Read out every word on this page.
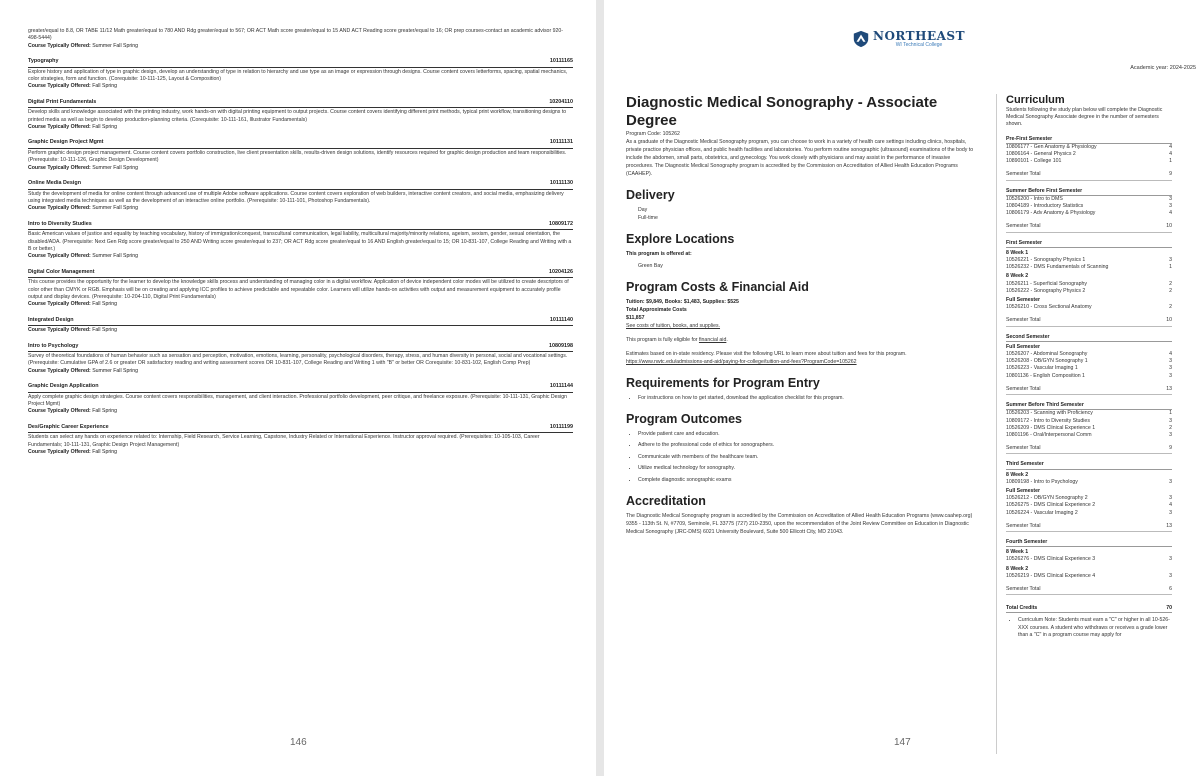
greater/equal to 8.8, OR TABE 11/12 Math greater/equal to 780 AND Rdg greater/equal to 567; OR ACT Math score greater/equal to 15 AND ACT Reading score greater/equal to 16; OR prep courses-contact an academic advisor 920-498-5444)

Course Typically Offered: Summer Fall Spring

Typography	10111165

Explore history and application of type in graphic design, develop an understanding of type in relation to hierarchy and use type as an image or expression through designs. Course content covers letterforms, spacing, spatial mechanics, color strategies, form and function. (Corequisite: 10-111-125, Layout & Composition)

Course Typically Offered: Fall Spring

Digital Print Fundamentals	10204110

Develop skills and knowledge associated with the printing industry, work hands-on with digital printing equipment to output projects. Course content covers identifying different print methods, typical print workflow, transitioning designs to printed media as well as begin to develop production-planning criteria. (Corequisite: 10-111-161, Illustrator Fundamentals)

Course Typically Offered: Fall Spring

Graphic Design Project Mgmt	10111131

Perform graphic design project management. Course content covers portfolio construction, live client presentation skills, results-driven design solutions, identify resources required for graphic design production and team responsibilities. (Prerequisite: 10-111-126, Graphic Design Development)

Course Typically Offered: Summer Fall Spring

Online Media Design	10111130

Study the development of media for online content through advanced use of multiple Adobe software applications. Course content covers exploration of web builders, interactive content creators, and social media, emphasizing delivery using integrated media techniques as well as the development of an interactive online portfolio. (Prerequisite: 10-111-101, Photoshop Fundamentals).

Course Typically Offered: Summer Fall Spring

Intro to Diversity Studies	10809172

Basic American values of justice and equality by teaching vocabulary, history of immigration/conquest, transcultural communication, legal liability, multicultural majority/minority relations, ageism, sexism, gender, sexual orientation, the disabled/ADA. (Prerequisite: Next Gen Rdg score greater/equal to 250 AND Writing score greater/equal to 237; OR ACT Rdg score greater/equal to 16 AND English greater/equal to 15; OR 10-831-107, College Reading and Writing with a B or better.)

Course Typically Offered: Summer Fall Spring

Digital Color Management	10204126

This course provides the opportunity for the learner to develop the knowledge skills process and understanding of managing color in a digital workflow. Application of device independent color modes will be utilized to create descriptors of color other than CMYK or RGB. Emphasis will be on creating and applying ICC profiles to achieve predictable and repeatable color. Learners will utilize hands-on activities with output and measurement equipment to accurately profile output and display devices. (Prerequisite: 10-204-110, Digital Print Fundamentals)

Course Typically Offered: Fall Spring

Integrated Design	10111140

Course Typically Offered: Fall Spring

Intro to Psychology	10809198

Survey of theoretical foundations of human behavior such as sensation and perception, motivation, emotions, learning, personality, psychological disorders, therapy, stress, and human diversity in personal, social and vocational settings. (Prerequisite: Cumulative GPA of 2.6 or greater OR satisfactory reading and writing assessment scores OR 10-831-107, College Reading and Writing 1 with "B" or better OR Corequisite: 10-831-102, English Comp Prep)

Course Typically Offered: Summer Fall Spring

Graphic Design Application	10111144

Apply complete graphic design strategies. Course content covers responsibilities, management, and client interaction. Professional portfolio development, peer critique, and freelance exposure. (Prerequisite: 10-111-131, Graphic Design Project Mgmt)

Course Typically Offered: Fall Spring

Des/Graphic Career Experience	10111199

Students can select any hands on experience related to: Internship, Field Research, Service Learning, Capstone, Industry Related or International Experience. Instructor approval required. (Prerequisites: 10-105-103, Career Fundamentals; 10-111-131, Graphic Design Project Management)

Course Typically Offered: Fall Spring

146
NORTHEAST
WI Technical College
Academic year: 2024-2025
Diagnostic Medical Sonography - Associate Degree

Program Code: 105262

As a graduate of the Diagnostic Medical Sonography program, you can choose to work in a variety of health care settings including clinics, hospitals, private practice physician offices, and public health facilities and laboratories. You perform routine sonographic (ultrasound) examinations of the body to include the abdomen, small parts, obstetrics, and gynecology. You work closely with physicians and may assist in the performance of invasive procedures. The Diagnostic Medical Sonography program is accredited by the Commission on Accreditation of Allied Health Education Programs (CAAHEP).

Delivery

Day

Full-time

Explore Locations

This program is offered at:

Green Bay

Program Costs & Financial Aid

Tuition: $9,849, Books: $1,483, Supplies: $525

Total Approximate Costs

$11,857

See costs of tuition, books, and supplies.

This program is fully eligible for financial aid.

Estimates based on in-state residency. Please visit the following URL to learn more about tuition and fees for this program.

https://www.nwtc.edu/admissions-and-aid/paying-for-college/tuition-and-fees?ProgramCode=105262

Requirements for Program Entry
• For instructions on how to get started, download the application checklist for this program.
Program Outcomes
• Provide patient care and education.
• Adhere to the professional code of ethics for sonographers.
• Communicate with members of the healthcare team.
• Utilize medical technology for sonography.
• Complete diagnostic sonographic exams
Accreditation

The Diagnostic Medical Sonography program is accredited by the Commission on Accreditation of Allied Health Education Programs (www.caahep.org) 9355 - 113th St. N, #7709, Seminole, FL 33775 (727) 210-2350, upon the recommendation of the Joint Review Committee on Education in Diagnostic Medical Sonography (JRC-DMS) 6021 University Boulevard, Suite 500 Ellicott City, MD 21043.

Curriculum

Students following the study plan below will complete the Diagnostic Medical Sonography Associate degree in the number of semesters shown.

Pre-First Semester
10806177 - Gen Anatomy & Physiology	4
10806164 - General Physics 2	4
10890101 - College 101	1
Semester Total	9
Summer Before First Semester
10526200 - Intro to DMS	3
10804189 - Introductory Statistics	3
10806179 - Adv Anatomy & Physiology	4
Semester Total	10
First Semester
8 Week 1
10526221 - Sonography Physics 1	3
10526232 - DMS Fundamentals of Scanning	1
8 Week 2
10526211 - Superficial Sonography	2
10526222 - Sonography Physics 2	2
Full Semester
10526210 - Cross Sectional Anatomy	2
Semester Total	10
Second Semester
Full Semester
10526207 - Abdominal Sonography	4
10526208 - OB/GYN Sonography 1	3
10526223 - Vascular Imaging 1	3
10801136 - English Composition 1	3
Semester Total	13
Summer Before Third Semester
10526203 - Scanning with Proficiency	1
10809172 - Intro to Diversity Studies	3
10526209 - DMS Clinical Experience 1	2
10801196 - Oral/Interpersonal Comm	3
Semester Total	9
Third Semester
8 Week 2
10809198 - Intro to Psychology	3
Full Semester
10526212 - OB/GYN Sonography 2	3
10526275 - DMS Clinical Experience 2	4
10526224 - Vascular Imaging 2	3
Semester Total	13
Fourth Semester
8 Week 1
10526276 - DMS Clinical Experience 3	3
8 Week 2
10526219 - DMS Clinical Experience 4	3
Semester Total	6
Total Credits	70
• Curriculum Note: Students must earn a "C" or higher in all 10-526-XXX courses. A student who withdraws or receives a grade lower than a "C" in a program course may apply for
147
